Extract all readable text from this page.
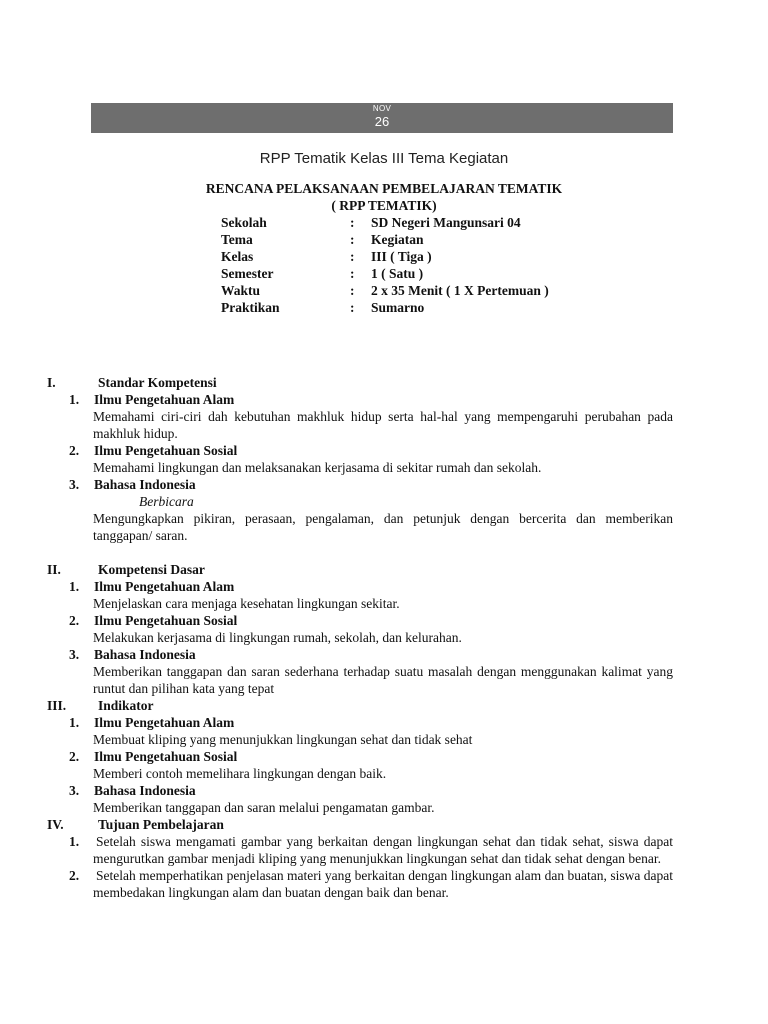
NOV
26
RPP Tematik Kelas III Tema Kegiatan
RENCANA PELAKSANAAN PEMBELAJARAN TEMATIK
( RPP TEMATIK)
Sekolah	: SD Negeri Mangunsari 04
Tema	: Kegiatan
Kelas	: III ( Tiga )
Semester	: 1 ( Satu )
Waktu	: 2 x 35 Menit ( 1 X Pertemuan )
Praktikan	: Sumarno
I.	Standar Kompetensi
1. Ilmu Pengetahuan Alam
Memahami ciri-ciri dah kebutuhan makhluk hidup serta hal-hal yang mempengaruhi perubahan pada makhluk hidup.
2. Ilmu Pengetahuan Sosial
Memahami lingkungan dan melaksanakan kerjasama di sekitar rumah dan sekolah.
3. Bahasa Indonesia
Berbicara
Mengungkapkan pikiran, perasaan, pengalaman, dan petunjuk dengan bercerita dan memberikan tanggapan/ saran.
II.	Kompetensi Dasar
1. Ilmu Pengetahuan Alam
Menjelaskan cara menjaga kesehatan lingkungan sekitar.
2. Ilmu Pengetahuan Sosial
Melakukan kerjasama di lingkungan rumah, sekolah, dan kelurahan.
3. Bahasa Indonesia
Memberikan tanggapan dan saran sederhana terhadap suatu masalah dengan menggunakan kalimat yang runtut dan pilihan kata yang tepat
III. Indikator
1. Ilmu Pengetahuan Alam
Membuat kliping yang menunjukkan lingkungan sehat dan tidak sehat
2. Ilmu Pengetahuan Sosial
Memberi contoh memelihara lingkungan dengan baik.
3. Bahasa Indonesia
Memberikan tanggapan dan saran melalui pengamatan gambar.
IV.	Tujuan Pembelajaran
1. Setelah siswa mengamati gambar yang berkaitan dengan lingkungan sehat dan tidak sehat, siswa dapat mengurutkan gambar menjadi kliping yang menunjukkan lingkungan sehat dan tidak sehat dengan benar.
2. Setelah memperhatikan penjelasan materi yang berkaitan dengan lingkungan alam dan buatan, siswa dapat membedakan lingkungan alam dan buatan dengan baik dan benar.
